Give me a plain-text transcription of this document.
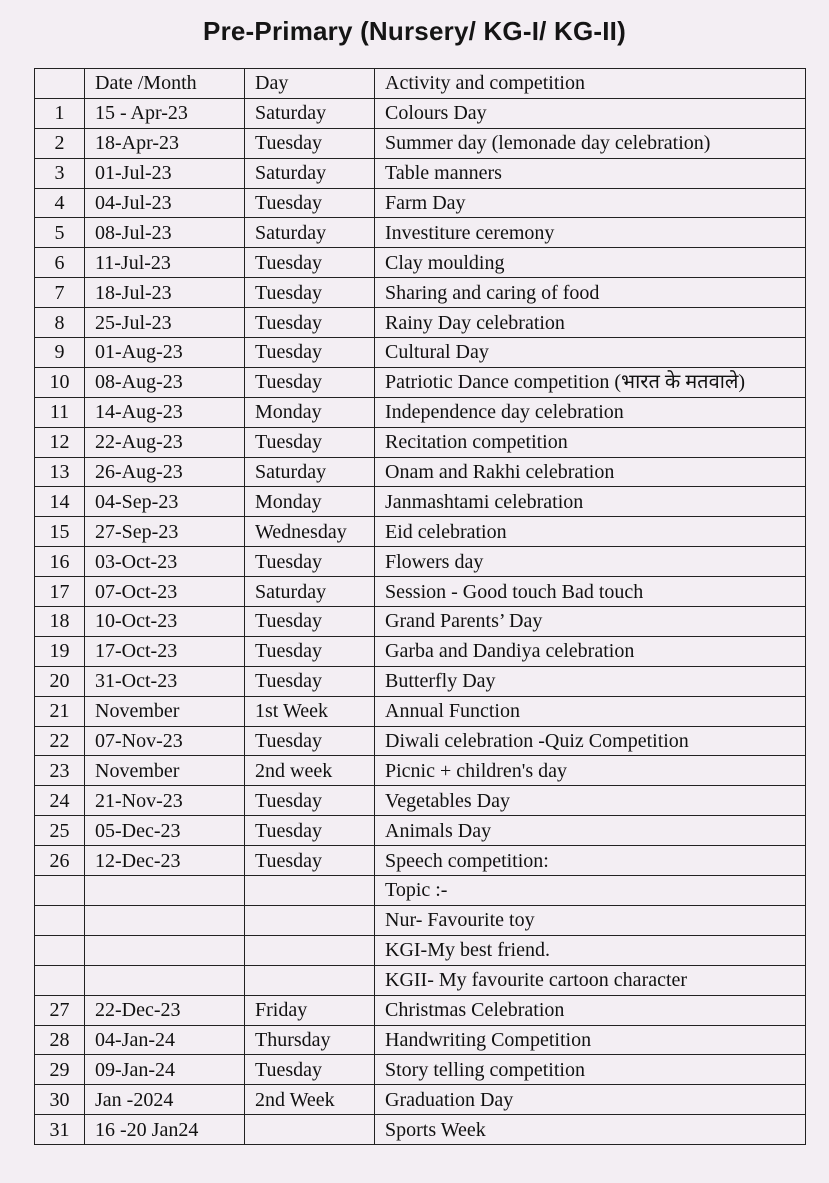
Pre-Primary (Nursery/ KG-I/ KG-II)
	Date /Month	Day	Activity and competition
1	15 - Apr-23	Saturday	Colours Day
2	18-Apr-23	Tuesday	Summer day (lemonade day celebration)
3	01-Jul-23	Saturday	Table manners
4	04-Jul-23	Tuesday	Farm Day
5	08-Jul-23	Saturday	Investiture ceremony
6	11-Jul-23	Tuesday	Clay moulding
7	18-Jul-23	Tuesday	Sharing and caring of food
8	25-Jul-23	Tuesday	Rainy Day celebration
9	01-Aug-23	Tuesday	Cultural Day
10	08-Aug-23	Tuesday	Patriotic Dance competition (भारत के मतवाले)
11	14-Aug-23	Monday	Independence day celebration
12	22-Aug-23	Tuesday	Recitation competition
13	26-Aug-23	Saturday	Onam and Rakhi celebration
14	04-Sep-23	Monday	Janmashtami celebration
15	27-Sep-23	Wednesday	Eid celebration
16	03-Oct-23	Tuesday	Flowers day
17	07-Oct-23	Saturday	Session - Good touch Bad touch
18	10-Oct-23	Tuesday	Grand Parents’ Day
19	17-Oct-23	Tuesday	Garba and Dandiya celebration
20	31-Oct-23	Tuesday	Butterfly Day
21	November	1st Week	Annual Function
22	07-Nov-23	Tuesday	Diwali celebration -Quiz Competition
23	November	2nd week	Picnic + children's day
24	21-Nov-23	Tuesday	Vegetables Day
25	05-Dec-23	Tuesday	Animals Day
26	12-Dec-23	Tuesday	Speech competition:
			Topic :-
			Nur- Favourite toy
			KGI-My best friend.
			KGII- My favourite cartoon character
27	22-Dec-23	Friday	Christmas Celebration
28	04-Jan-24	Thursday	Handwriting Competition
29	09-Jan-24	Tuesday	Story telling competition
30	Jan -2024	2nd Week	Graduation Day
31	16 -20 Jan24		Sports Week
